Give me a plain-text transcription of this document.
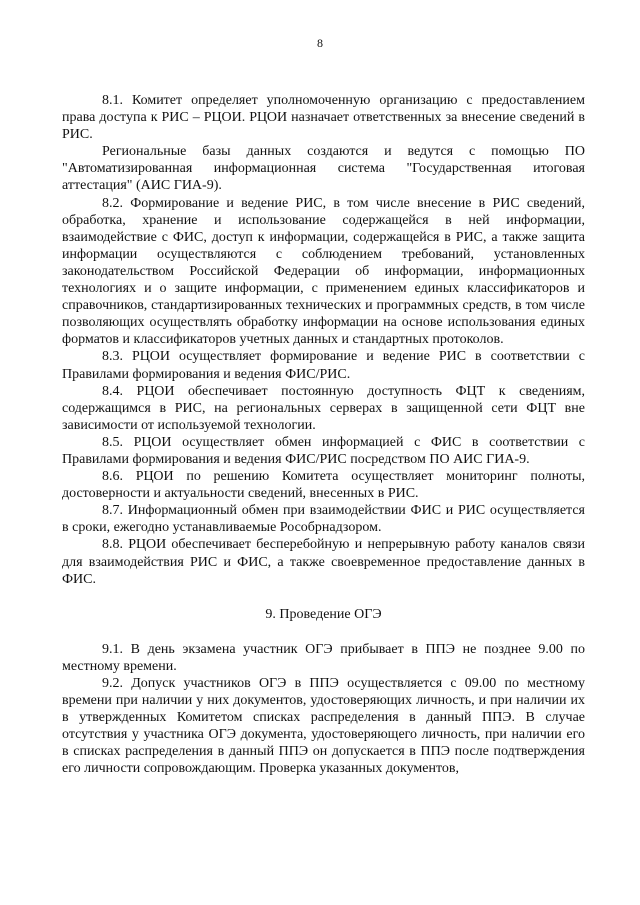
8

8.1. Комитет определяет уполномоченную организацию с предоставлением права доступа к РИС – РЦОИ. РЦОИ назначает ответственных за внесение сведений в РИС.

Региональные базы данных создаются и ведутся с помощью ПО "Автоматизированная информационная система "Государственная итоговая аттестация" (АИС ГИА-9).

8.2. Формирование и ведение РИС, в том числе внесение в РИС сведений, обработка, хранение и использование содержащейся в ней информации, взаимодействие с ФИС, доступ к информации, содержащейся в РИС, а также защита информации осуществляются с соблюдением требований, установленных законодательством Российской Федерации об информации, информационных технологиях и о защите информации, с применением единых классификаторов и справочников, стандартизированных технических и программных средств, в том числе позволяющих осуществлять обработку информации на основе использования единых форматов и классификаторов учетных данных и стандартных протоколов.

8.3. РЦОИ осуществляет формирование и ведение РИС в соответствии с Правилами формирования и ведения ФИС/РИС.

8.4. РЦОИ обеспечивает постоянную доступность ФЦТ к сведениям, содержащимся в РИС, на региональных серверах в защищенной сети ФЦТ вне зависимости от используемой технологии.

8.5. РЦОИ осуществляет обмен информацией с ФИС в соответствии с Правилами формирования и ведения ФИС/РИС посредством ПО АИС ГИА-9.

8.6. РЦОИ по решению Комитета осуществляет мониторинг полноты, достоверности и актуальности сведений, внесенных в РИС.

8.7. Информационный обмен при взаимодействии ФИС и РИС осуществляется в сроки, ежегодно устанавливаемые Рособрнадзором.

8.8. РЦОИ обеспечивает бесперебойную и непрерывную работу каналов связи для взаимодействия РИС и ФИС, а также своевременное предоставление данных в ФИС.

9. Проведение ОГЭ

9.1. В день экзамена участник ОГЭ прибывает в ППЭ не позднее 9.00 по местному времени.

9.2. Допуск участников ОГЭ в ППЭ осуществляется с 09.00 по местному времени при наличии у них документов, удостоверяющих личность, и при наличии их в утвержденных Комитетом списках распределения в данный ППЭ. В случае отсутствия у участника ОГЭ документа, удостоверяющего личность, при наличии его в списках распределения в данный ППЭ он допускается в ППЭ после подтверждения его личности сопровождающим. Проверка указанных документов,
